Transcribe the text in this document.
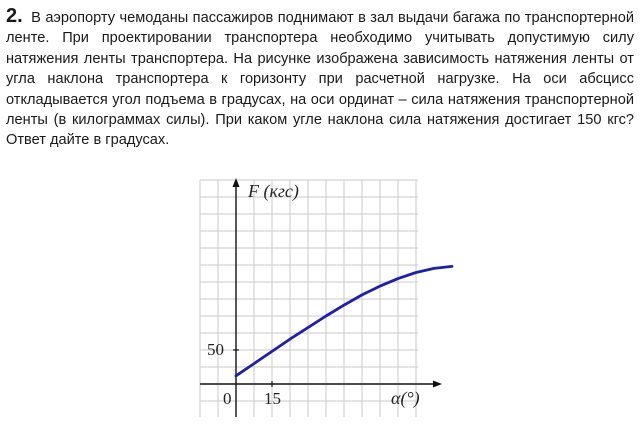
2. В аэропорту чемоданы пассажиров поднимают в зал выдачи багажа по транспортерной ленте. При проектировании транспортера необходимо учитывать допустимую силу натяжения ленты транспортера. На рисунке изображена зависимость натяжения ленты от угла наклона транспортера к горизонту при расчетной нагрузке. На оси абсцисс откладывается угол подъема в градусах, на оси ординат – сила натяжения транспортерной ленты (в килограммах силы). При каком угле наклона сила натяжения достигает 150 кгс? Ответ дайте в градусах.
0 15
50
F (кгс)
α(°)
